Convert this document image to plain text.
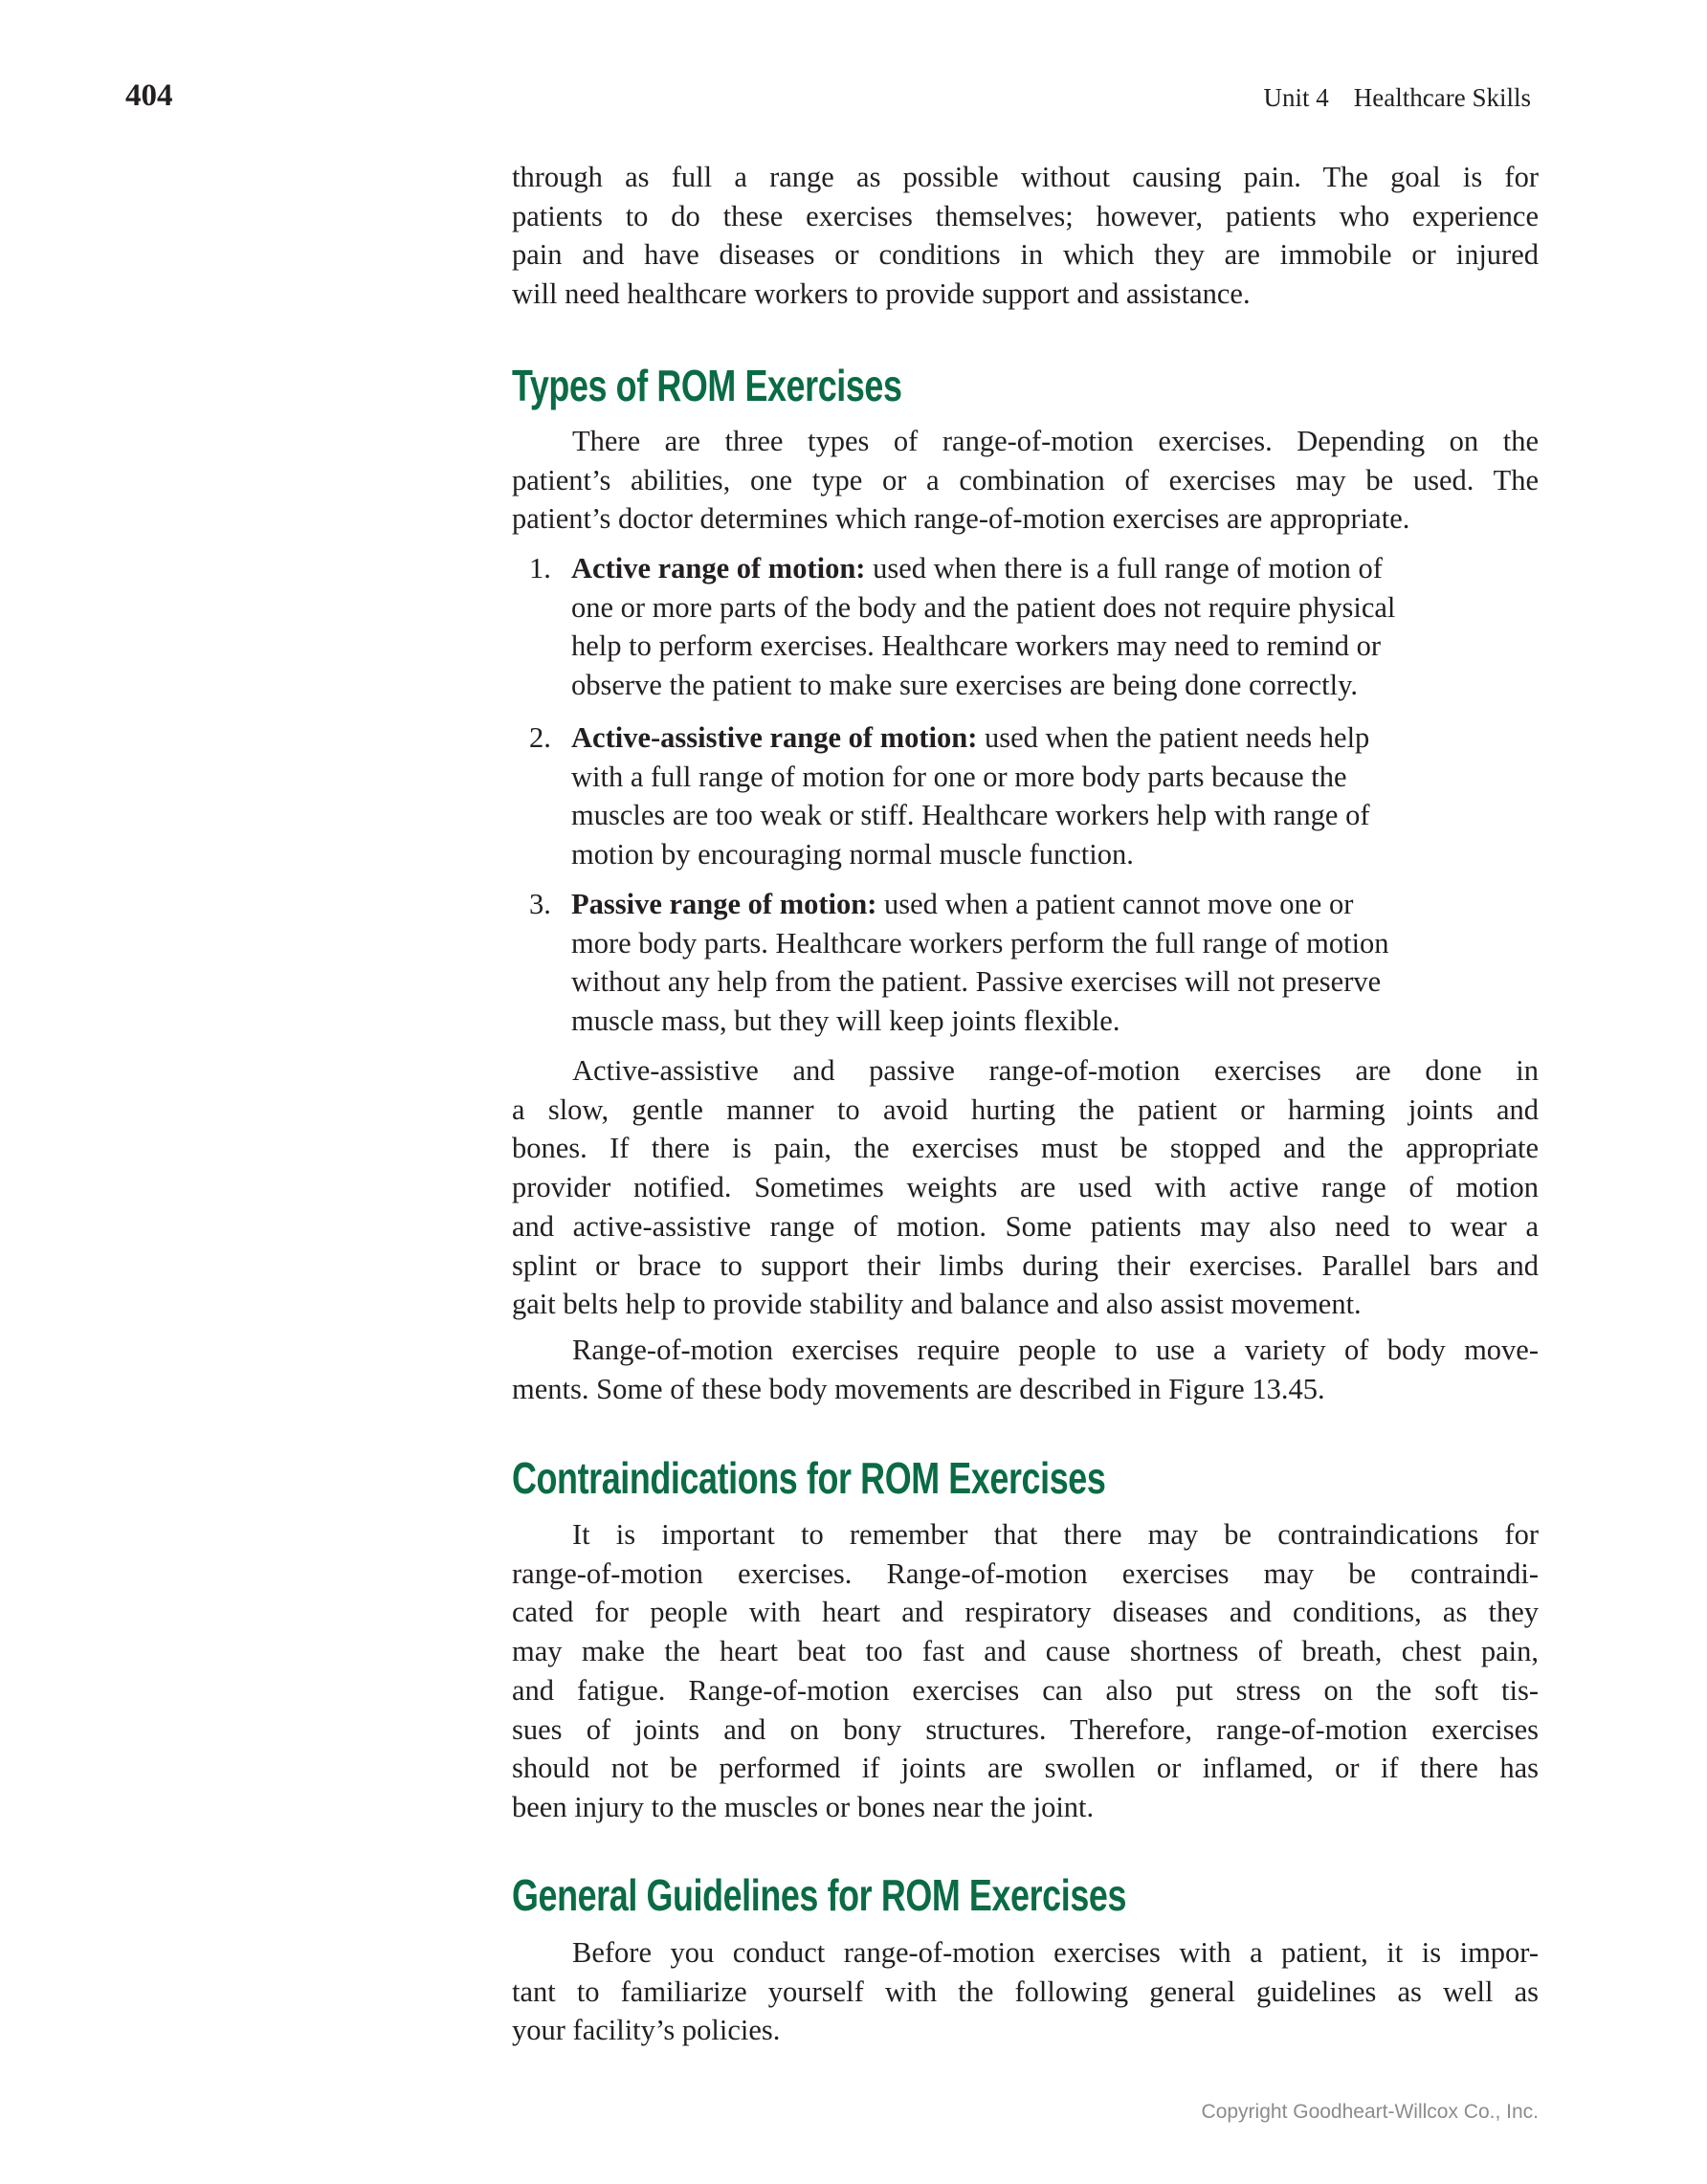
404	Unit 4 Healthcare Skills
through as full a range as possible without causing pain. The goal is for
patients to do these exercises themselves; however, patients who experience
pain and have diseases or conditions in which they are immobile or injured
will need healthcare workers to provide support and assistance.
Types of ROM Exercises
There are three types of range-of-motion exercises. Depending on the
patient’s abilities, one type or a combination of exercises may be used. The
patient’s doctor determines which range-of-motion exercises are appropriate.
1. Active range of motion: used when there is a full range of motion of
one or more parts of the body and the patient does not require physical
help to perform exercises. Healthcare workers may need to remind or
observe the patient to make sure exercises are being done correctly.
2. Active-assistive range of motion: used when the patient needs help
with a full range of motion for one or more body parts because the
muscles are too weak or stiff. Healthcare workers help with range of
motion by encouraging normal muscle function.
3. Passive range of motion: used when a patient cannot move one or
more body parts. Healthcare workers perform the full range of motion
without any help from the patient. Passive exercises will not preserve
muscle mass, but they will keep joints flexible.
Active-assistive and passive range-of-motion exercises are done in
a slow, gentle manner to avoid hurting the patient or harming joints and
bones. If there is pain, the exercises must be stopped and the appropriate
provider notified. Sometimes weights are used with active range of motion
and active-assistive range of motion. Some patients may also need to wear a
splint or brace to support their limbs during their exercises. Parallel bars and
gait belts help to provide stability and balance and also assist movement.
Range-of-motion exercises require people to use a variety of body move-
ments. Some of these body movements are described in Figure 13.45.
Contraindications for ROM Exercises
It is important to remember that there may be contraindications for
range-of-motion exercises. Range-of-motion exercises may be contraindi-
cated for people with heart and respiratory diseases and conditions, as they
may make the heart beat too fast and cause shortness of breath, chest pain,
and fatigue. Range-of-motion exercises can also put stress on the soft tis-
sues of joints and on bony structures. Therefore, range-of-motion exercises
should not be performed if joints are swollen or inflamed, or if there has
been injury to the muscles or bones near the joint.
General Guidelines for ROM Exercises
Before you conduct range-of-motion exercises with a patient, it is impor-
tant to familiarize yourself with the following general guidelines as well as
your facility’s policies.
Copyright Goodheart-Willcox Co., Inc.
